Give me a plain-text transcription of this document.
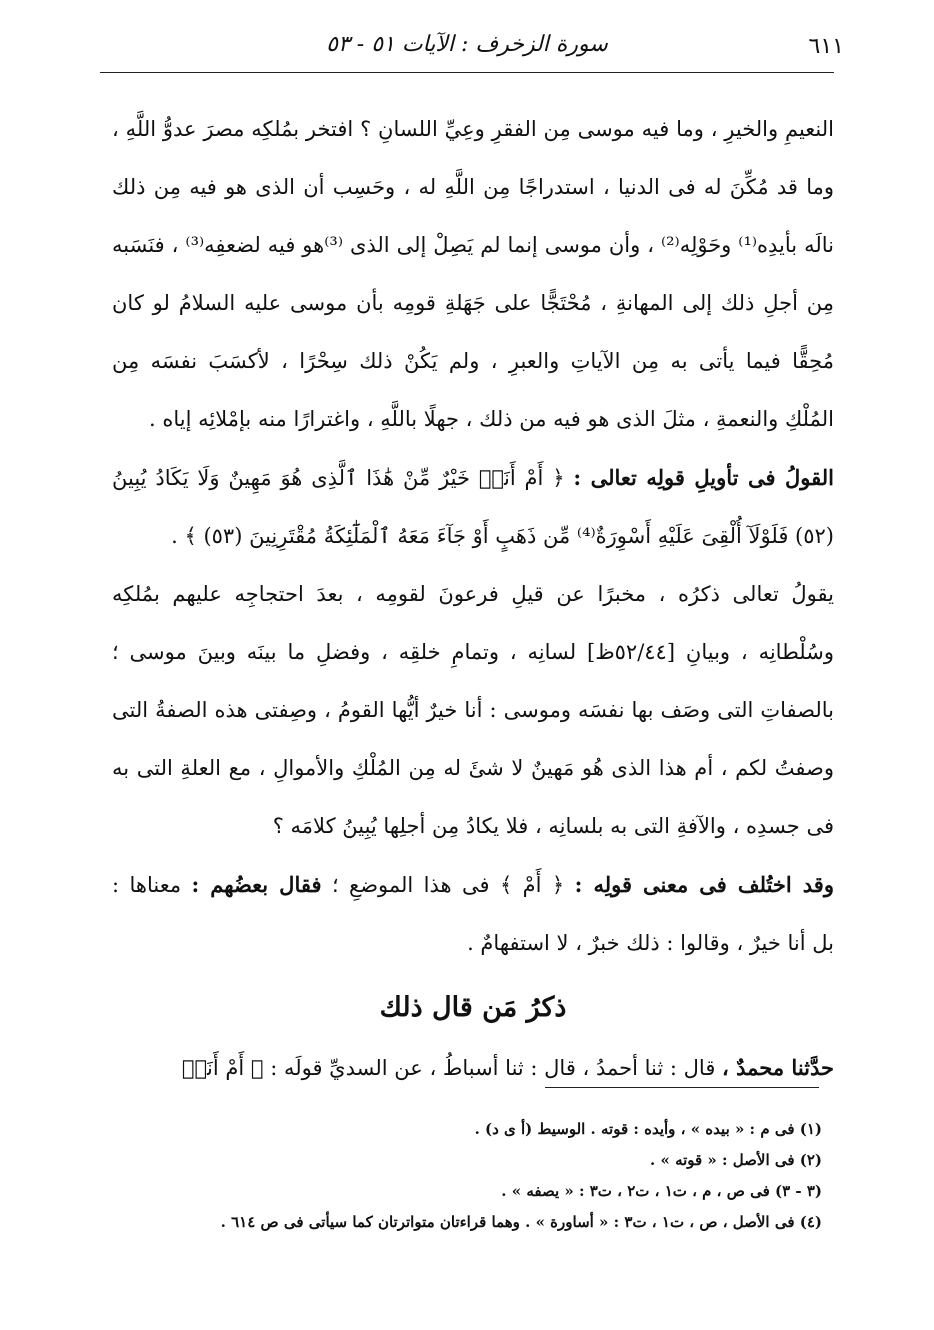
٦١١
سورة الزخرف : الآيات ٥١ - ٥٣
النعيمِ والخيرِ ، وما فيه موسى مِن الفقرِ وعِيِّ اللسانِ ؟ افتخر بمُلكِه مصرَ عدوُّ اللَّهِ ،
وما قد مُكِّنَ له فى الدنيا ، استدراجًا مِن اللَّهِ له ، وحَسِب أن الذى هو فيه مِن ذلك
نالَه بأيدِه⁽¹⁾ وحَوْلِه⁽²⁾ ، وأن موسى إنما لم يَصِلْ إلى الذى ⁽³⁾هو فيه لضعفِه⁽³⁾ ، فنَسَبه
مِن أجلِ ذلك إلى المهانةِ ، مُحْتَجًّا على جَهَلةِ قومِه بأن موسى عليه السلامُ لو كان
مُحِقًّا فيما يأتى به مِن الآياتِ والعبرِ ، ولم يَكُنْ ذلك سِحْرًا ، لأكسَبَ نفسَه مِن
المُلْكِ والنعمةِ ، مثلَ الذى هو فيه من ذلك ، جهلًا باللَّهِ ، واغترارًا منه بإمْلائِه إياه .
القولُ فى تأويلِ قولِه تعالى : ﴿ أَمْ أَنَا۠ خَيْرٌ مِّنْ هَٰذَا ٱلَّذِى هُوَ مَهِينٌ وَلَا يَكَادُ يُبِينُ
(٥٢) فَلَوْلَآ أُلْقِىَ عَلَيْهِ أَسْوِرَةٌ⁽⁴⁾ مِّن ذَهَبٍ أَوْ جَآءَ مَعَهُ ٱلْمَلَٰٓئِكَةُ مُقْتَرِنِينَ (٥٣) ﴾ .
يقولُ تعالى ذكرُه ، مخبرًا عن قيلِ فرعونَ لقومِه ، بعدَ احتجاجِه عليهم بمُلكِه
وسُلْطانِه ، وبيانِ [٥٢/٤٤ظ] لسانِه ، وتمامِ خلقِه ، وفضلِ ما بينَه وبينَ موسى ؛
بالصفاتِ التى وصَف بها نفسَه وموسى : أنا خيرٌ أيُّها القومُ ، وصِفتى هذه الصفةُ التى
وصفتُ لكم ، أم هذا الذى هُو مَهينٌ لا شئَ له مِن المُلْكِ والأموالِ ، مع العلةِ التى به
فى جسدِه ، والآفةِ التى به بلسانِه ، فلا يكادُ مِن أجلِها يُبِينُ كلامَه ؟
وقد اختُلف فى معنى قولِه : ﴿ أَمْ ﴾ فى هذا الموضعِ ؛ فقال بعضُهم : معناها :
بل أنا خيرٌ ، وقالوا : ذلك خبرٌ ، لا استفهامٌ .
ذكرُ مَن قال ذلك
حدَّثنا محمدٌ ، قال : ثنا أحمدُ ، قال : ثنا أسباطُ ، عن السديِّ قولَه : ﴿ أَمْ أَنَا۠
(١) فى م : « بيده » ، وأيده : قوته . الوسيط (أ ى د) .
(٢) فى الأصل : « قوته » .
(٣ - ٣) فى ص ، م ، ت١ ، ت٢ ، ت٣ : « يصفه » .
(٤) فى الأصل ، ص ، ت١ ، ت٣ : « أساورة » . وهما قراءتان متواترتان كما سيأتى فى ص ٦١٤ .
